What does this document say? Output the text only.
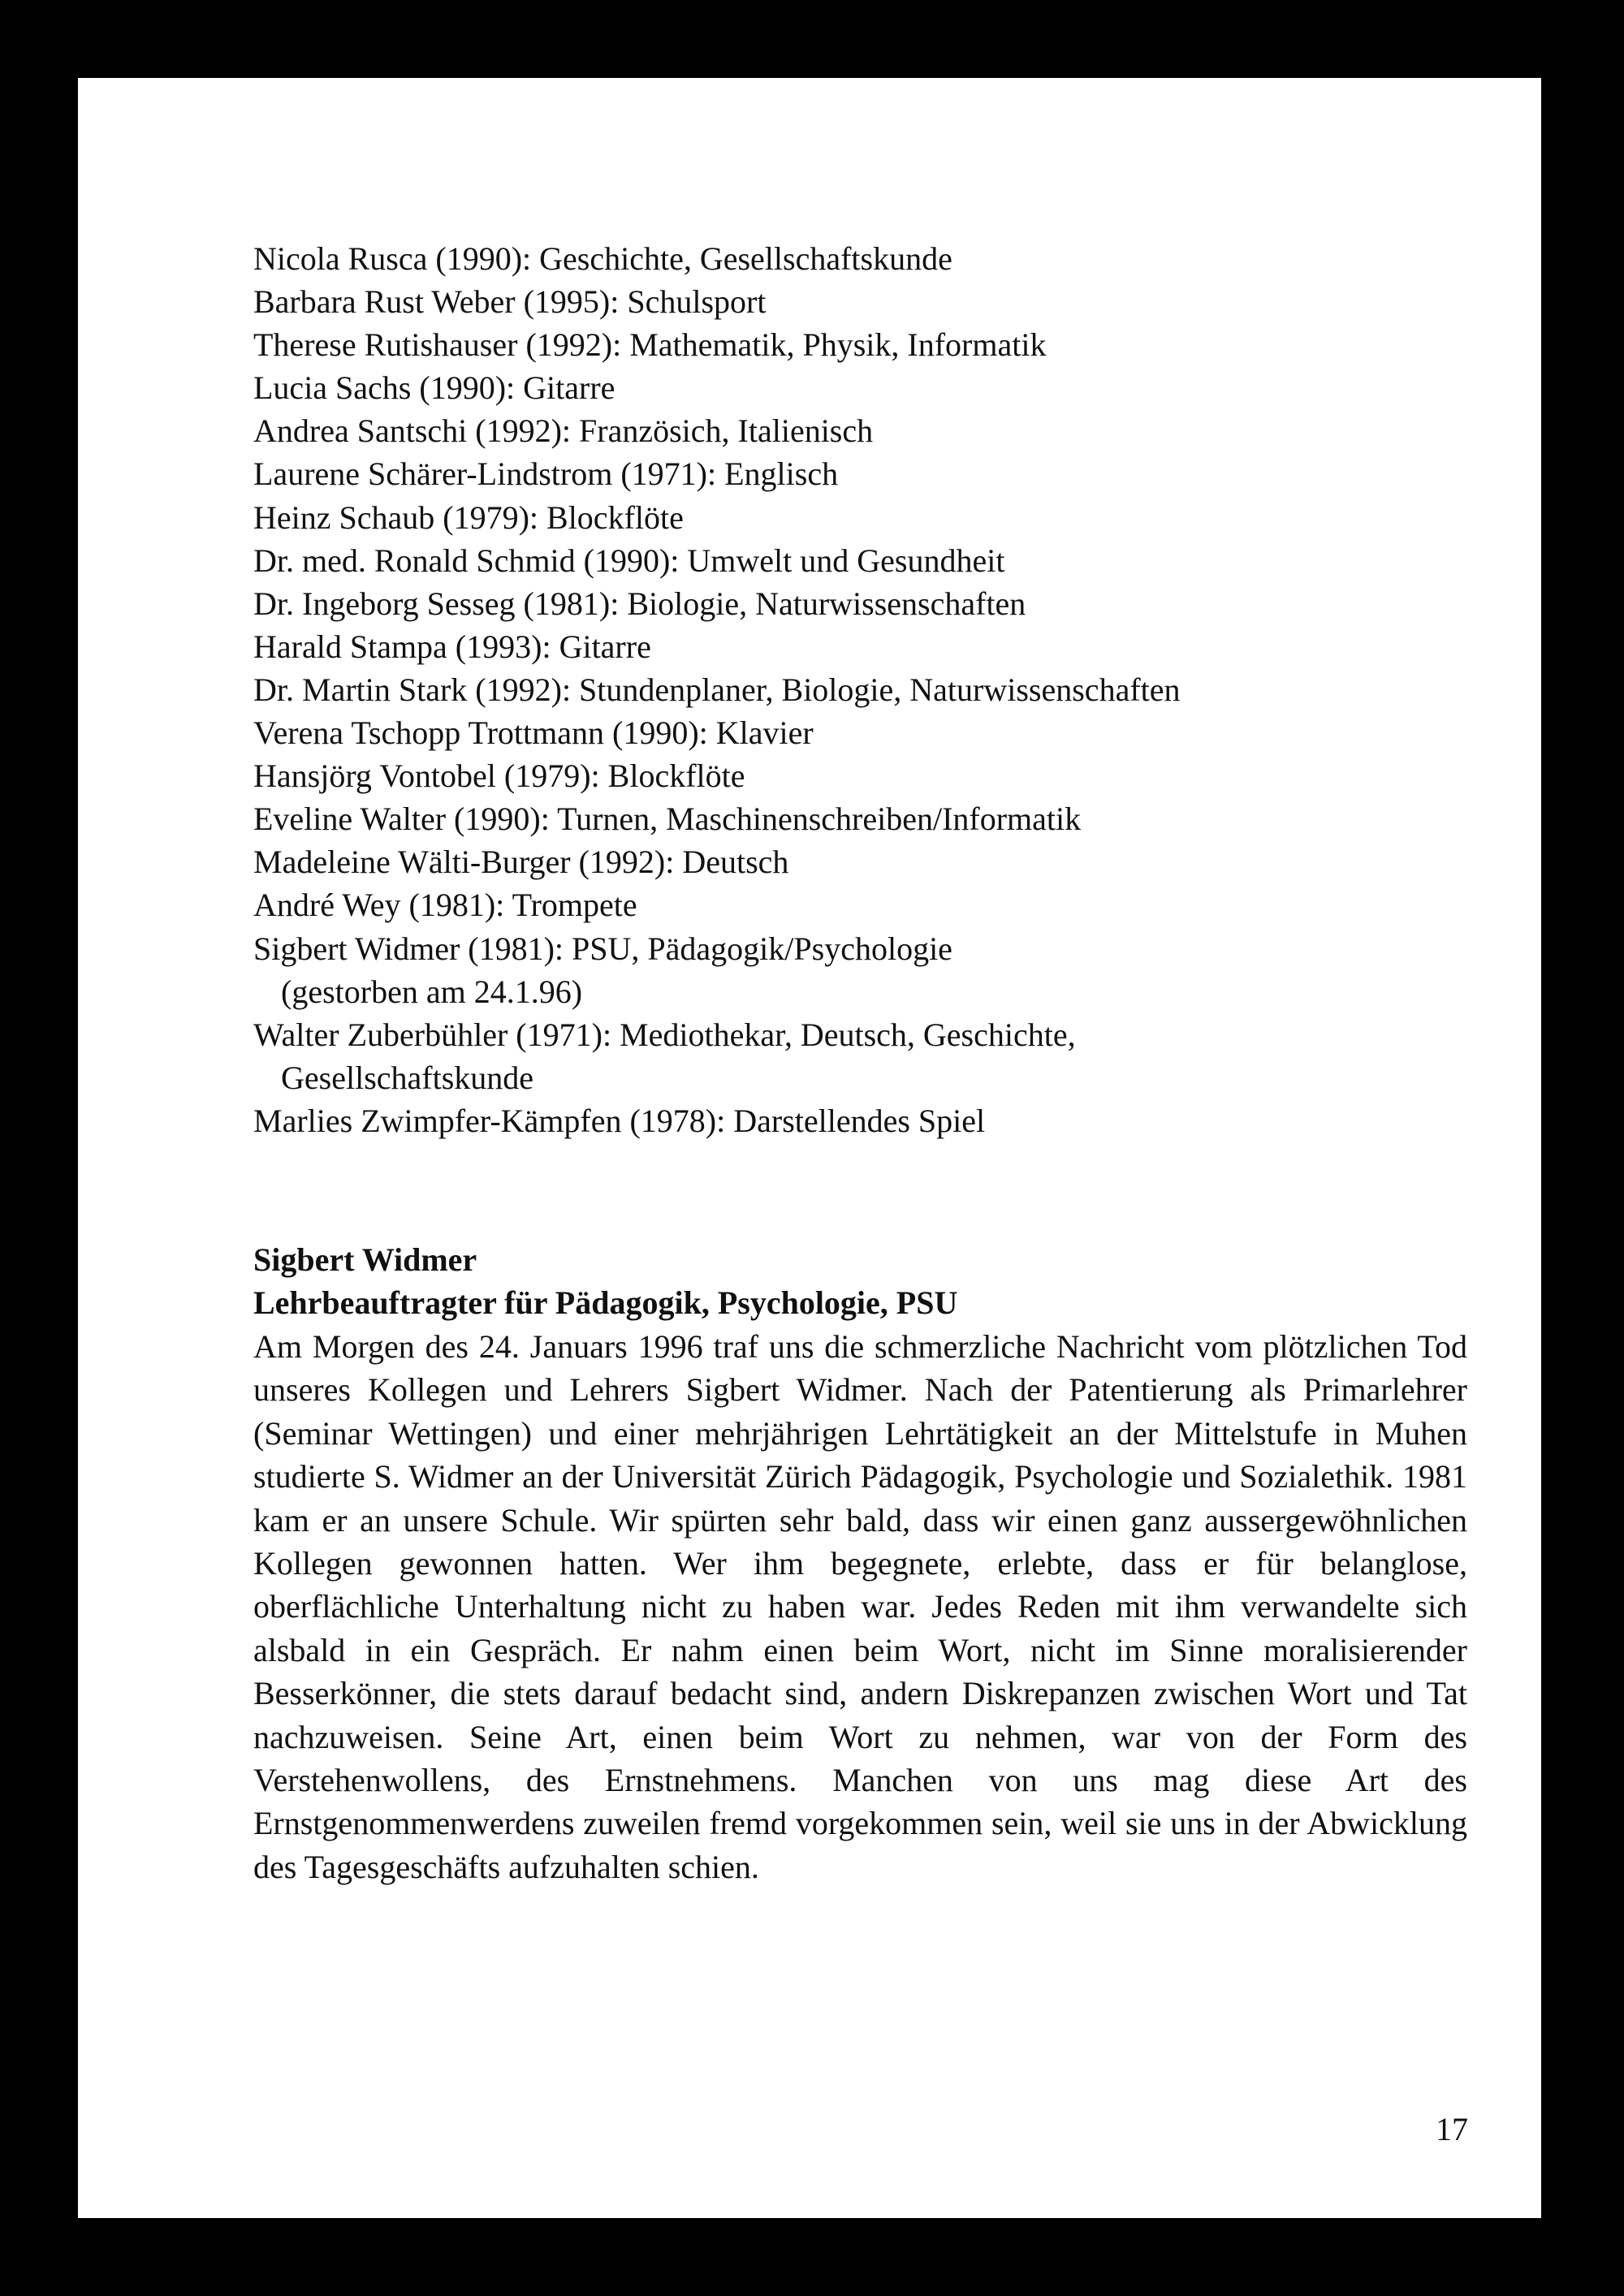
Nicola Rusca (1990): Geschichte, Gesellschaftskunde
Barbara Rust Weber (1995): Schulsport
Therese Rutishauser (1992): Mathematik, Physik, Informatik
Lucia Sachs (1990): Gitarre
Andrea Santschi (1992): Französich, Italienisch
Laurene Schärer-Lindstrom (1971): Englisch
Heinz Schaub (1979): Blockflöte
Dr. med. Ronald Schmid (1990): Umwelt und Gesundheit
Dr. Ingeborg Sesseg (1981): Biologie, Naturwissenschaften
Harald Stampa (1993): Gitarre
Dr. Martin Stark (1992): Stundenplaner, Biologie, Naturwissenschaften
Verena Tschopp Trottmann (1990): Klavier
Hansjörg Vontobel (1979): Blockflöte
Eveline Walter (1990): Turnen, Maschinenschreiben/Informatik
Madeleine Wälti-Burger (1992): Deutsch
André Wey (1981): Trompete
Sigbert Widmer (1981): PSU, Pädagogik/Psychologie
(gestorben am 24.1.96)
Walter Zuberbühler (1971): Mediothekar, Deutsch, Geschichte,
Gesellschaftskunde
Marlies Zwimpfer-Kämpfen (1978): Darstellendes Spiel

Sigbert Widmer

Lehrbeauftragter für Pädagogik, Psychologie, PSU

Am Morgen des 24. Januars 1996 traf uns die schmerzliche Nachricht vom plötzlichen Tod unseres Kollegen und Lehrers Sigbert Widmer. Nach der Patentierung als Primarlehrer (Seminar Wettingen) und einer mehrjährigen Lehrtätigkeit an der Mittelstufe in Muhen studierte S. Widmer an der Universität Zürich Pädagogik, Psychologie und Sozialethik. 1981 kam er an unsere Schule. Wir spürten sehr bald, dass wir einen ganz aussergewöhnlichen Kollegen gewonnen hatten. Wer ihm begegnete, erlebte, dass er für belanglose, oberflächliche Unterhaltung nicht zu haben war. Jedes Reden mit ihm verwandelte sich alsbald in ein Gespräch. Er nahm einen beim Wort, nicht im Sinne moralisierender Besserkönner, die stets darauf bedacht sind, andern Diskrepanzen zwischen Wort und Tat nachzuweisen. Seine Art, einen beim Wort zu nehmen, war von der Form des Verstehenwollens, des Ernstnehmens. Manchen von uns mag diese Art des Ernstgenommenwerdens zuweilen fremd vorgekommen sein, weil sie uns in der Abwicklung des Tagesgeschäfts aufzuhalten schien.

17
